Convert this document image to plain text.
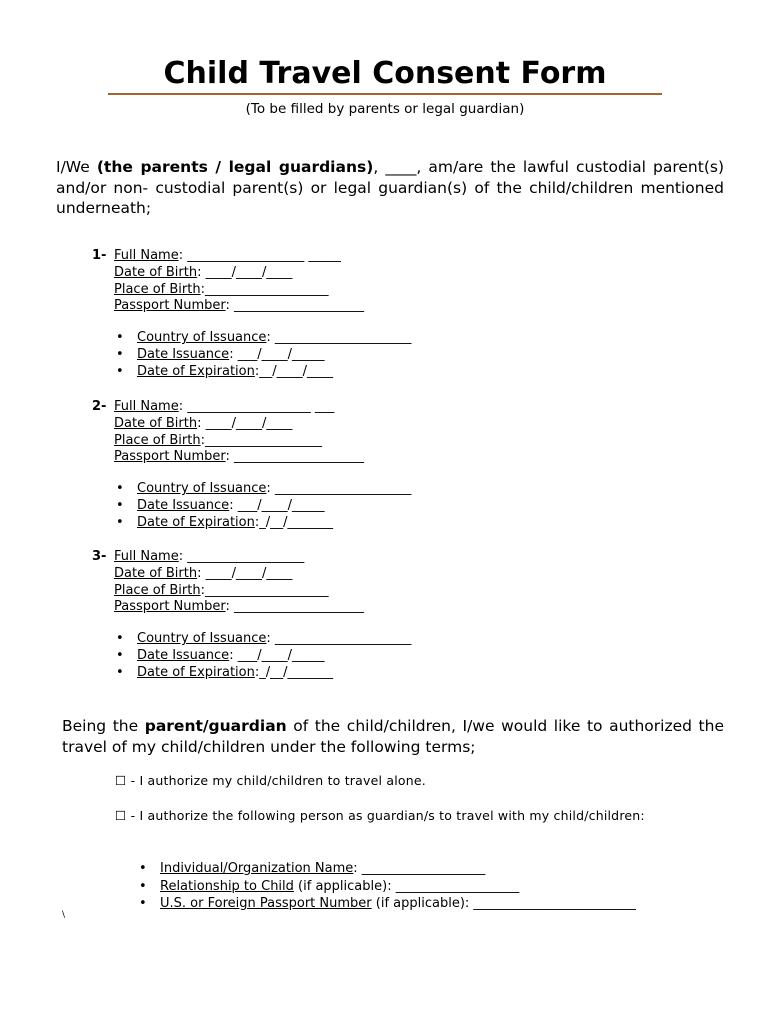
Child Travel Consent Form
(To be filled by parents or legal guardian)
I/We (the parents / legal guardians), ____, am/are the lawful custodial parent(s) and/or non- custodial parent(s) or legal guardian(s) of the child/children mentioned underneath;
1- Full Name: __________________ _____
Date of Birth: ____/____/____
Place of Birth:___________________
Passport Number: ____________________
• Country of Issuance: _____________________
• Date Issuance: ___/____/_____
• Date of Expiration:__/____/____
2- Full Name: ___________________ ___
Date of Birth: ____/____/____
Place of Birth:__________________
Passport Number: ____________________
• Country of Issuance: _____________________
• Date Issuance: ___/____/_____
• Date of Expiration:_/__/_______
3- Full Name: __________________
Date of Birth: ____/____/____
Place of Birth:___________________
Passport Number: ____________________
• Country of Issuance: _____________________
• Date Issuance: ___/____/_____
• Date of Expiration:_/__/_______
Being the parent/guardian of the child/children, I/we would like to authorized the travel of my child/children under the following terms;
☐ - I authorize my child/children to travel alone.
☐ - I authorize the following person as guardian/s to travel with my child/children:
• Individual/Organization Name: ___________________
• Relationship to Child (if applicable): ___________________
• U.S. or Foreign Passport Number (if applicable): _________________________
\
